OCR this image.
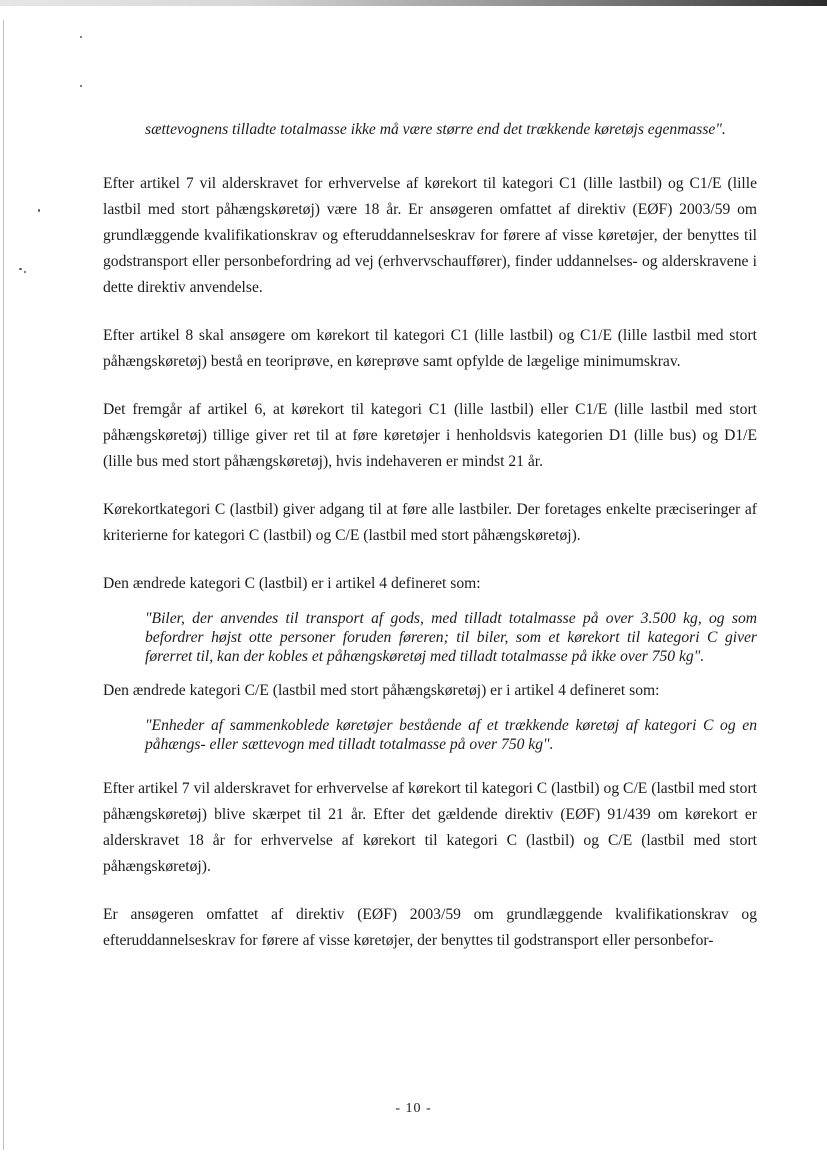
sættevognens tilladte totalmasse ikke må være større end det trækkende køretøjs egenmasse".

Efter artikel 7 vil alderskravet for erhvervelse af kørekort til kategori C1 (lille lastbil) og C1/E (lille lastbil med stort påhængskøretøj) være 18 år. Er ansøgeren omfattet af direktiv (EØF) 2003/59 om grundlæggende kvalifikationskrav og efteruddannelseskrav for førere af visse køretøjer, der benyttes til godstransport eller personbefordring ad vej (erhvervschauffører), finder uddannelses- og alderskravene i dette direktiv anvendelse.

Efter artikel 8 skal ansøgere om kørekort til kategori C1 (lille lastbil) og C1/E (lille lastbil med stort påhængskøretøj) bestå en teoriprøve, en køreprøve samt opfylde de lægelige minimumskrav.

Det fremgår af artikel 6, at kørekort til kategori C1 (lille lastbil) eller C1/E (lille lastbil med stort påhængskøretøj) tillige giver ret til at føre køretøjer i henholdsvis kategorien D1 (lille bus) og D1/E (lille bus med stort påhængskøretøj), hvis indehaveren er mindst 21 år.

Kørekortkategori C (lastbil) giver adgang til at føre alle lastbiler. Der foretages enkelte præciseringer af kriterierne for kategori C (lastbil) og C/E (lastbil med stort påhængskøretøj).

Den ændrede kategori C (lastbil) er i artikel 4 defineret som:

"Biler, der anvendes til transport af gods, med tilladt totalmasse på over 3.500 kg, og som befordrer højst otte personer foruden føreren; til biler, som et kørekort til kategori C giver førerret til, kan der kobles et påhængskøretøj med tilladt totalmasse på ikke over 750 kg".

Den ændrede kategori C/E (lastbil med stort påhængskøretøj) er i artikel 4 defineret som:

"Enheder af sammenkoblede køretøjer bestående af et trækkende køretøj af kategori C og en påhængs- eller sættevogn med tilladt totalmasse på over 750 kg".

Efter artikel 7 vil alderskravet for erhvervelse af kørekort til kategori C (lastbil) og C/E (lastbil med stort påhængskøretøj) blive skærpet til 21 år. Efter det gældende direktiv (EØF) 91/439 om kørekort er alderskravet 18 år for erhvervelse af kørekort til kategori C (lastbil) og C/E (lastbil med stort påhængskøretøj).

Er ansøgeren omfattet af direktiv (EØF) 2003/59 om grundlæggende kvalifikationskrav og efteruddannelseskrav for førere af visse køretøjer, der benyttes til godstransport eller personbefor-

- 10 -
